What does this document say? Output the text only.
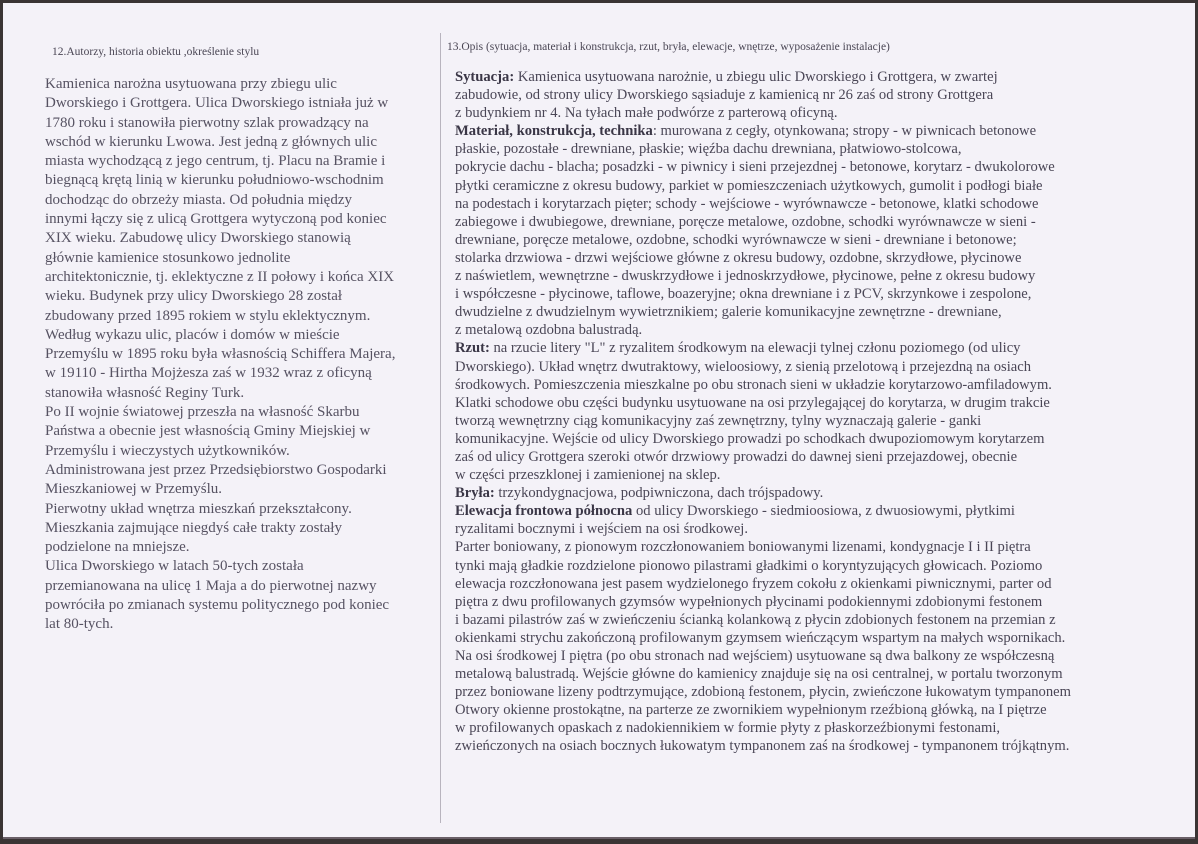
12.Autorzy, historia obiektu ,określenie stylu
Kamienica narożna usytuowana przy zbiegu ulic
Dworskiego i Grottgera. Ulica Dworskiego istniała już w
1780 roku i stanowiła pierwotny szlak prowadzący na
wschód w kierunku Lwowa. Jest jedną z głównych ulic
miasta wychodzącą z jego centrum, tj. Placu na Bramie i
biegnącą krętą linią w kierunku południowo-wschodnim
dochodząc do obrzeży miasta. Od południa między
innymi łączy się z ulicą Grottgera wytyczoną pod koniec
XIX wieku. Zabudowę ulicy Dworskiego stanowią
głównie kamienice stosunkowo jednolite
architektonicznie, tj. eklektyczne z II połowy i końca XIX
wieku. Budynek przy ulicy Dworskiego 28 został
zbudowany przed 1895 rokiem w stylu eklektycznym.
Według wykazu ulic, placów i domów w mieście
Przemyślu w 1895 roku była własnością Schiffera Majera,
w 19110 - Hirtha Mojżesza zaś w 1932 wraz z oficyną
stanowiła własność Reginy Turk.
Po II wojnie światowej przeszła na własność Skarbu
Państwa a obecnie jest własnością Gminy Miejskiej w
Przemyślu i wieczystych użytkowników.
Administrowana jest przez Przedsiębiorstwo Gospodarki
Mieszkaniowej w Przemyślu.
Pierwotny układ wnętrza mieszkań przekształcony.
Mieszkania zajmujące niegdyś całe trakty zostały
podzielone na mniejsze.
Ulica Dworskiego w latach 50-tych została
przemianowana na ulicę 1 Maja a do pierwotnej nazwy
powróciła po zmianach systemu politycznego pod koniec
lat 80-tych.
13.Opis (sytuacja, materiał i konstrukcja, rzut, bryła, elewacje, wnętrze, wyposażenie instalacje)
Sytuacja: Kamienica usytuowana narożnie, u zbiegu ulic Dworskiego i Grottgera, w zwartej
zabudowie, od strony ulicy Dworskiego sąsiaduje z kamienicą nr 26 zaś od strony Grottgera
z budynkiem nr 4. Na tyłach małe podwórze z parterową oficyną.
Materiał, konstrukcja, technika: murowana z cegły, otynkowana; stropy - w piwnicach betonowe
płaskie, pozostałe - drewniane, płaskie; więźba dachu drewniana, płatwiowo-stolcowa,
pokrycie dachu - blacha; posadzki - w piwnicy i sieni przejezdnej - betonowe, korytarz - dwukolorowe
płytki ceramiczne z okresu budowy, parkiet w pomieszczeniach użytkowych, gumolit i podłogi białe
na podestach i korytarzach pięter; schody - wejściowe - wyrównawcze - betonowe, klatki schodowe
zabiegowe i dwubiegowe, drewniane, poręcze metalowe, ozdobne, schodki wyrównawcze w sieni -
drewniane, poręcze metalowe, ozdobne, schodki wyrównawcze w sieni - drewniane i betonowe;
stolarka drzwiowa - drzwi wejściowe główne z okresu budowy, ozdobne, skrzydłowe, płycinowe
z naświetlem, wewnętrzne - dwuskrzydłowe i jednoskrzydłowe, płycinowe, pełne z okresu budowy
i współczesne - płycinowe, taflowe, boazeryjne; okna drewniane i z PCV, skrzynkowe i zespolone,
dwudzielne z dwudzielnym wywietrznikiem; galerie komunikacyjne zewnętrzne - drewniane,
z metalową ozdobna balustradą.
Rzut: na rzucie litery "L" z ryzalitem środkowym na elewacji tylnej członu poziomego (od ulicy
Dworskiego). Układ wnętrz dwutraktowy, wieloosiowy, z sienią przelotową i przejezdną na osiach
środkowych. Pomieszczenia mieszkalne po obu stronach sieni w układzie korytarzowo-amfiladowym.
Klatki schodowe obu części budynku usytuowane na osi przylegającej do korytarza, w drugim trakcie
tworzą wewnętrzny ciąg komunikacyjny zaś zewnętrzny, tylny wyznaczają galerie - ganki
komunikacyjne. Wejście od ulicy Dworskiego prowadzi po schodkach dwupoziomowym korytarzem
zaś od ulicy Grottgera szeroki otwór drzwiowy prowadzi do dawnej sieni przejazdowej, obecnie
w części przeszklonej i zamienionej na sklep.
Bryła: trzykondygnacjowa, podpiwniczona, dach trójspadowy.
Elewacja frontowa północna od ulicy Dworskiego - siedmioosiowa, z dwuosiowymi, płytkimi
ryzalitami bocznymi i wejściem na osi środkowej.
Parter boniowany, z pionowym rozczłonowaniem boniowanymi lizenami, kondygnacje I i II piętra
tynki mają gładkie rozdzielone pionowo pilastrami gładkimi o koryntyzujących głowicach. Poziomo
elewacja rozczłonowana jest pasem wydzielonego fryzem cokołu z okienkami piwnicznymi, parter od
piętra z dwu profilowanych gzymsów wypełnionych płycinami podokiennymi zdobionymi festonem
i bazami pilastrów zaś w zwieńczeniu ścianką kolankową z płycin zdobionych festonem na przemian z
okienkami strychu zakończoną profilowanym gzymsem wieńczącym wspartym na małych wspornikach.
Na osi środkowej I piętra (po obu stronach nad wejściem) usytuowane są dwa balkony ze współczesną
metalową balustradą. Wejście główne do kamienicy znajduje się na osi centralnej, w portalu tworzonym
przez boniowane lizeny podtrzymujące, zdobioną festonem, płycin, zwieńczone łukowatym tympanonem
Otwory okienne prostokątne, na parterze ze zwornikiem wypełnionym rzeźbioną główką, na I piętrze
w profilowanych opaskach z nadokiennikiem w formie płyty z płaskorzeźbionymi festonami,
zwieńczonych na osiach bocznych łukowatym tympanonem zaś na środkowej - tympanonem trójkątnym.
